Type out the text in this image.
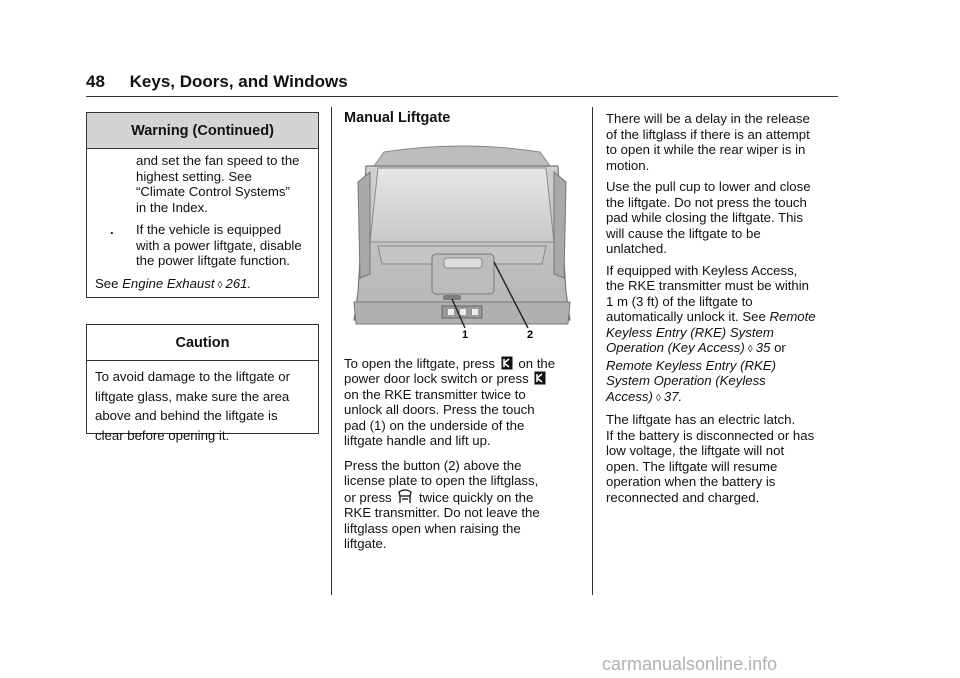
48 Keys, Doors, and Windows
Warning (Continued)
and set the fan speed to the
highest setting. See
“Climate Control Systems”
in the Index.
.	If the vehicle is equipped
with a power liftgate, disable
the power liftgate function.
See Engine Exhaust ◊ 261.
Caution
To avoid damage to the liftgate or
liftgate glass, make sure the area
above and behind the liftgate is
clear before opening it.
Manual Liftgate
1	2

To open the liftgate, press on the
power door lock switch or press
on the RKE transmitter twice to
unlock all doors. Press the touch
pad (1) on the underside of the
liftgate handle and lift up.

Press the button (2) above the
license plate to open the liftglass,
or press twice quickly on the
RKE transmitter. Do not leave the
liftglass open when raising the
liftgate.

There will be a delay in the release
of the liftglass if there is an attempt
to open it while the rear wiper is in
motion.

Use the pull cup to lower and close
the liftgate. Do not press the touch
pad while closing the liftgate. This
will cause the liftgate to be
unlatched.

If equipped with Keyless Access,
the RKE transmitter must be within
1 m (3 ft) of the liftgate to
automatically unlock it. See Remote
Keyless Entry (RKE) System
Operation (Key Access) ◊ 35 or
Remote Keyless Entry (RKE)
System Operation (Keyless
Access) ◊ 37.

The liftgate has an electric latch.
If the battery is disconnected or has
low voltage, the liftgate will not
open. The liftgate will resume
operation when the battery is
reconnected and charged.

carmanualsonline.info
